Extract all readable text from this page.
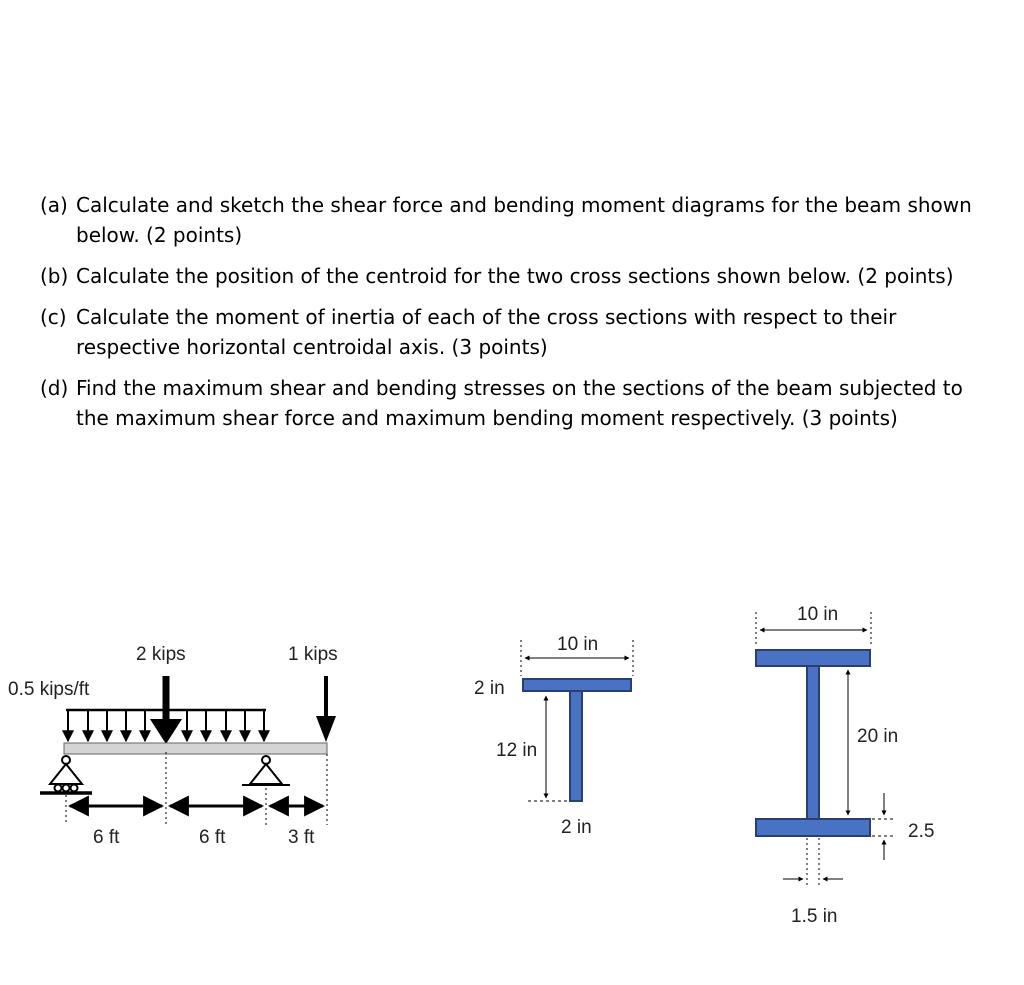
(a) Calculate and sketch the shear force and bending moment diagrams for the beam shown below. (2 points)
(b) Calculate the position of the centroid for the two cross sections shown below. (2 points)
(c) Calculate the moment of inertia of each of the cross sections with respect to their respective horizontal centroidal axis. (3 points)
(d) Find the maximum shear and bending stresses on the sections of the beam subjected to the maximum shear force and maximum bending moment respectively. (3 points)
0.5 kips/ft
2 kips	1 kips
6 ft	6 ft	3 ft
10 in
2 in
12 in
2 in
10 in
20 in
2.5
1.5 in
